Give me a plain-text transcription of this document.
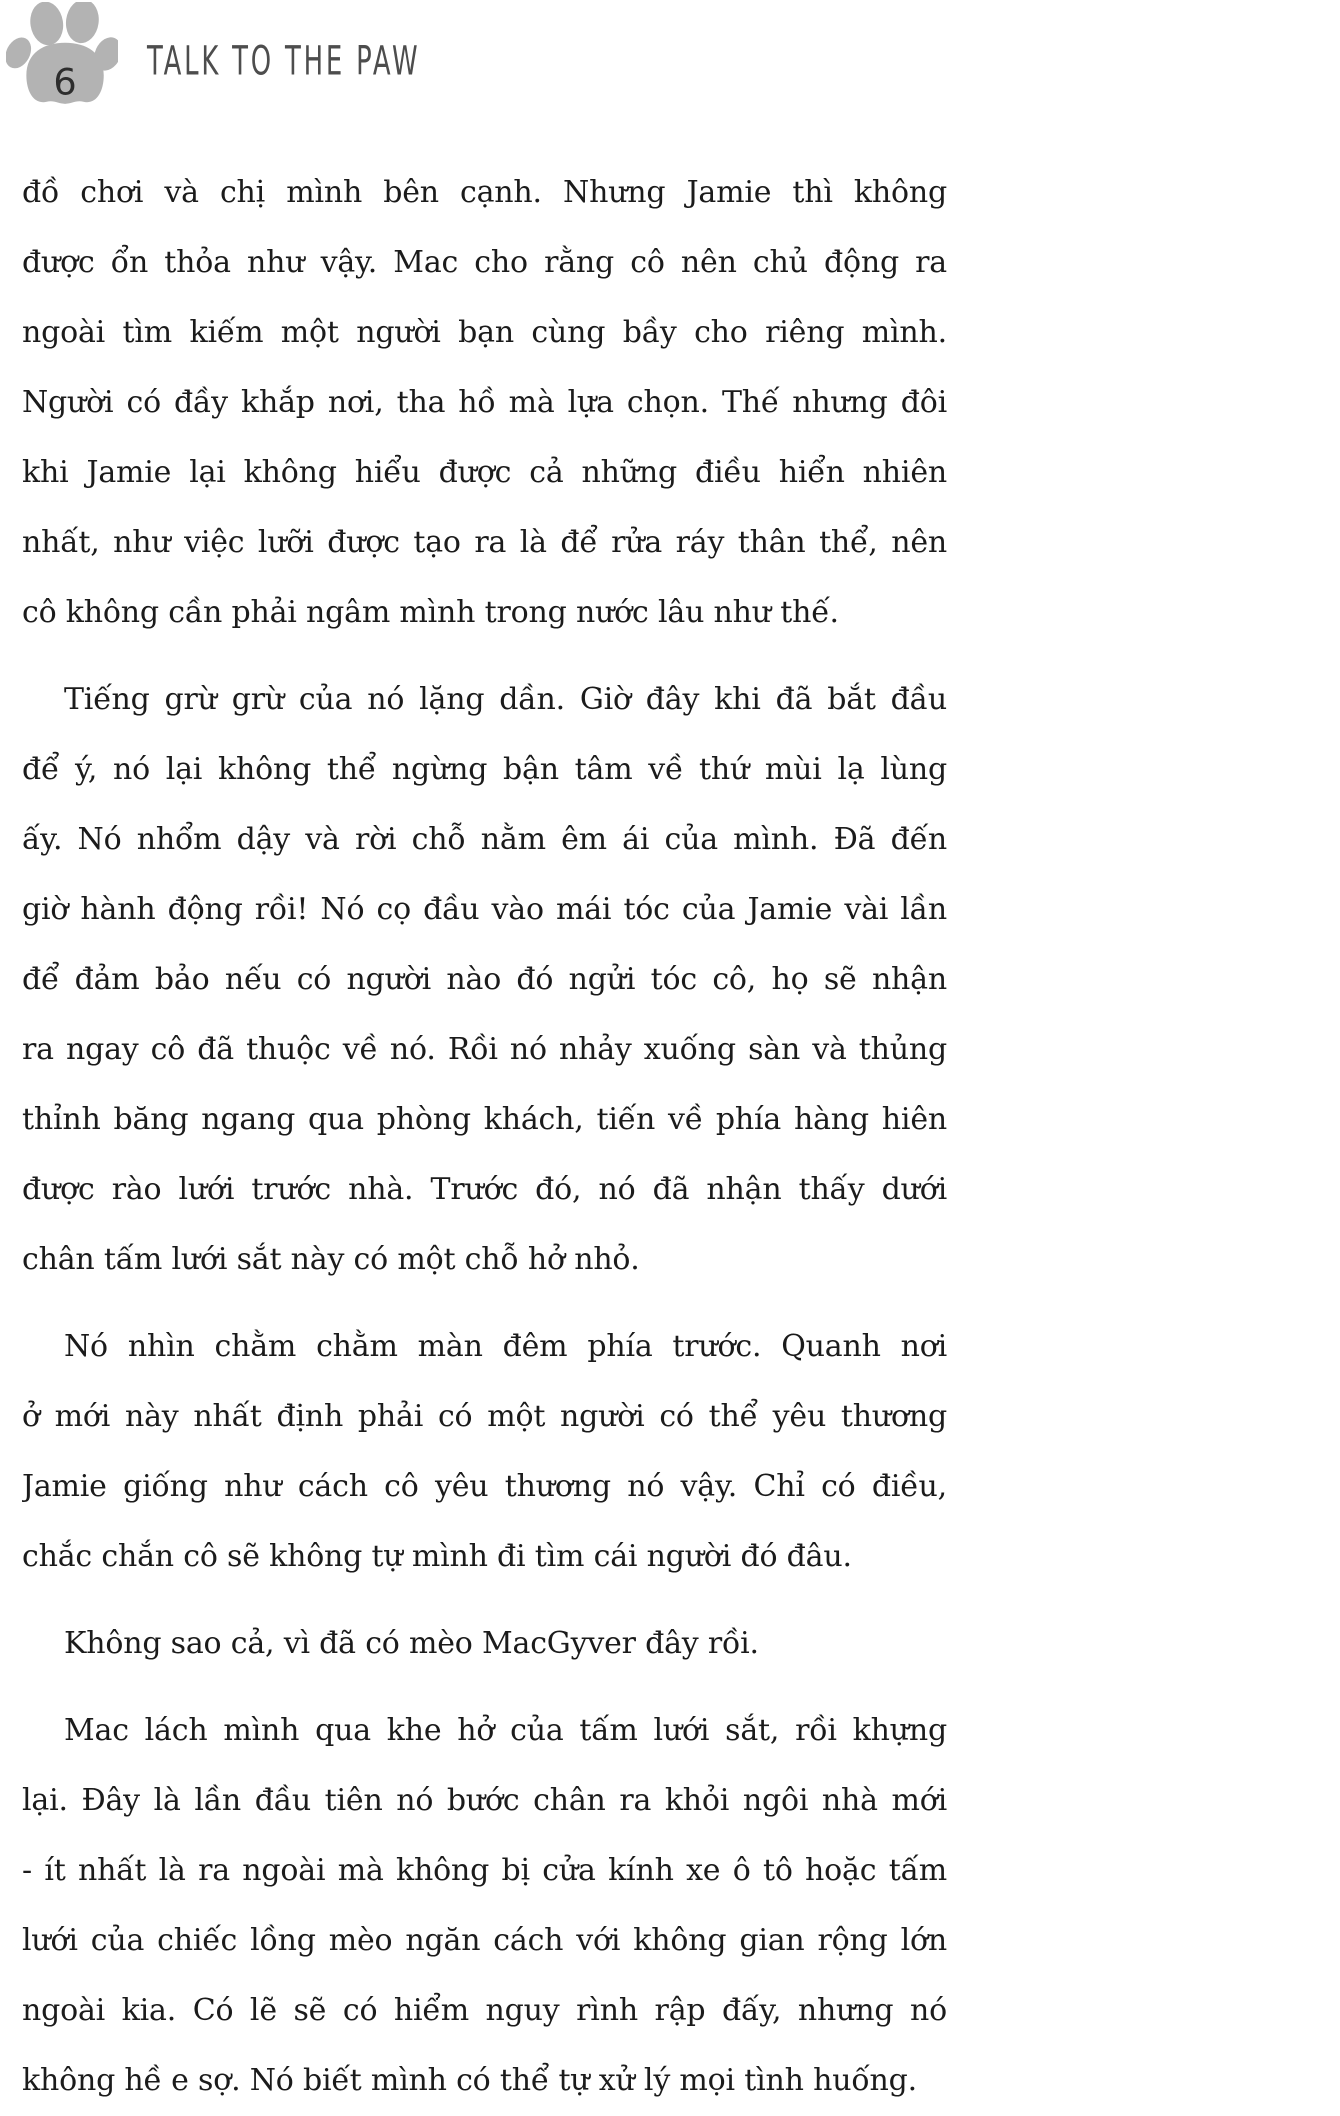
6 TALK TO THE PAW
đồ chơi và chị mình bên cạnh. Nhưng Jamie thì không
được ổn thỏa như vậy. Mac cho rằng cô nên chủ động ra
ngoài tìm kiếm một người bạn cùng bầy cho riêng mình.
Người có đầy khắp nơi, tha hồ mà lựa chọn. Thế nhưng đôi
khi Jamie lại không hiểu được cả những điều hiển nhiên
nhất, như việc lưỡi được tạo ra là để rửa ráy thân thể, nên
cô không cần phải ngâm mình trong nước lâu như thế.
Tiếng grừ grừ của nó lặng dần. Giờ đây khi đã bắt đầu
để ý, nó lại không thể ngừng bận tâm về thứ mùi lạ lùng
ấy. Nó nhổm dậy và rời chỗ nằm êm ái của mình. Đã đến
giờ hành động rồi! Nó cọ đầu vào mái tóc của Jamie vài lần
để đảm bảo nếu có người nào đó ngửi tóc cô, họ sẽ nhận
ra ngay cô đã thuộc về nó. Rồi nó nhảy xuống sàn và thủng
thỉnh băng ngang qua phòng khách, tiến về phía hàng hiên
được rào lưới trước nhà. Trước đó, nó đã nhận thấy dưới
chân tấm lưới sắt này có một chỗ hở nhỏ.
Nó nhìn chằm chằm màn đêm phía trước. Quanh nơi
ở mới này nhất định phải có một người có thể yêu thương
Jamie giống như cách cô yêu thương nó vậy. Chỉ có điều,
chắc chắn cô sẽ không tự mình đi tìm cái người đó đâu.
Không sao cả, vì đã có mèo MacGyver đây rồi.
Mac lách mình qua khe hở của tấm lưới sắt, rồi khựng
lại. Đây là lần đầu tiên nó bước chân ra khỏi ngôi nhà mới
- ít nhất là ra ngoài mà không bị cửa kính xe ô tô hoặc tấm
lưới của chiếc lồng mèo ngăn cách với không gian rộng lớn
ngoài kia. Có lẽ sẽ có hiểm nguy rình rập đấy, nhưng nó
không hề e sợ. Nó biết mình có thể tự xử lý mọi tình huống.
